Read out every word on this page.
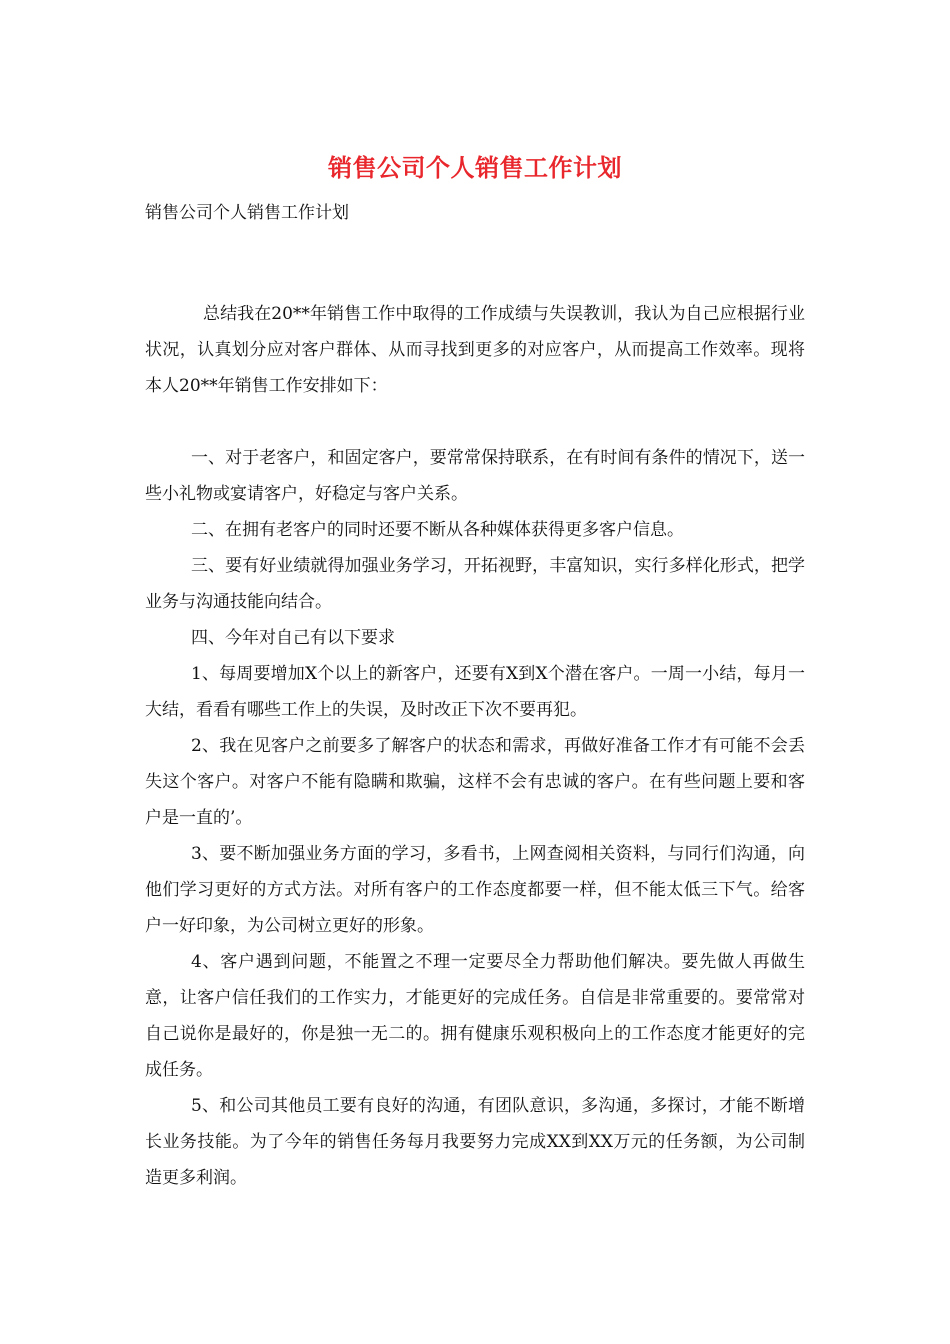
销售公司个人销售工作计划
销售公司个人销售工作计划

总结我在20**年销售工作中取得的工作成绩与失误教训，我认为自己应根据行业状况，认真划分应对客户群体、从而寻找到更多的对应客户，从而提高工作效率。现将本人20**年销售工作安排如下：

一、对于老客户，和固定客户，要常常保持联系，在有时间有条件的情况下，送一些小礼物或宴请客户，好稳定与客户关系。

二、在拥有老客户的同时还要不断从各种媒体获得更多客户信息。

三、要有好业绩就得加强业务学习，开拓视野，丰富知识，实行多样化形式，把学业务与沟通技能向结合。

四、今年对自己有以下要求

1、每周要增加X个以上的新客户，还要有X到X个潜在客户。一周一小结，每月一大结，看看有哪些工作上的失误，及时改正下次不要再犯。

2、我在见客户之前要多了解客户的状态和需求，再做好准备工作才有可能不会丢失这个客户。对客户不能有隐瞒和欺骗，这样不会有忠诚的客户。在有些问题上要和客户是一直的’。

3、要不断加强业务方面的学习，多看书，上网查阅相关资料，与同行们沟通，向他们学习更好的方式方法。对所有客户的工作态度都要一样，但不能太低三下气。给客户一好印象，为公司树立更好的形象。

4、客户遇到问题，不能置之不理一定要尽全力帮助他们解决。要先做人再做生意，让客户信任我们的工作实力，才能更好的完成任务。自信是非常重要的。要常常对自己说你是最好的，你是独一无二的。拥有健康乐观积极向上的工作态度才能更好的完成任务。

5、和公司其他员工要有良好的沟通，有团队意识，多沟通，多探讨，才能不断增长业务技能。为了今年的销售任务每月我要努力完成XX到XX万元的任务额，为公司制造更多利润。
